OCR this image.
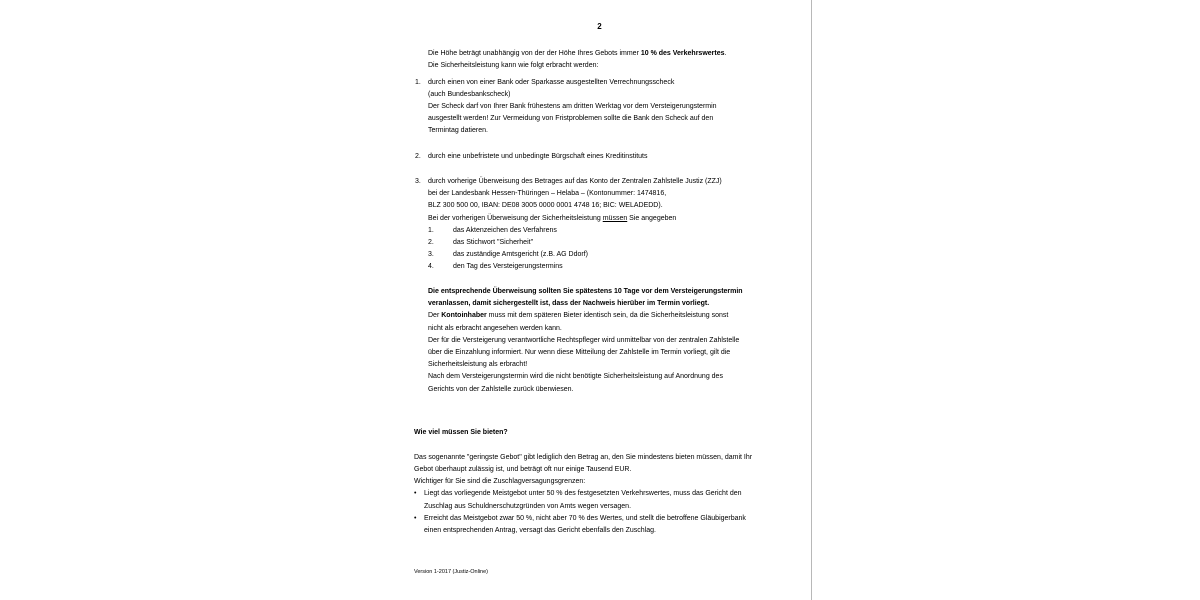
2
Die Höhe beträgt unabhängig von der der Höhe Ihres Gebots immer 10 % des Verkehrswertes.
Die Sicherheitsleistung kann wie folgt erbracht werden:
1. durch einen von einer Bank oder Sparkasse ausgestellten Verrechnungsscheck
(auch Bundesbankscheck)
Der Scheck darf von Ihrer Bank frühestens am dritten Werktag vor dem Versteigerungstermin
ausgestellt werden! Zur Vermeidung von Fristproblemen sollte die Bank den Scheck auf den
Termintag datieren.
2. durch eine unbefristete und unbedingte Bürgschaft eines Kreditinstituts
3. durch vorherige Überweisung des Betrages auf das Konto der Zentralen Zahlstelle Justiz (ZZJ)
bei der Landesbank Hessen-Thüringen – Helaba – (Kontonummer: 1474816,
BLZ 300 500 00, IBAN: DE08 3005 0000 0001 4748 16; BIC: WELADEDD).
Bei der vorherigen Überweisung der Sicherheitsleistung müssen Sie angegeben
1.	das Aktenzeichen des Verfahrens
2.	das Stichwort "Sicherheit"
3.	das zuständige Amtsgericht (z.B. AG Ddorf)
4.	den Tag des Versteigerungstermins
Die entsprechende Überweisung sollten Sie spätestens 10 Tage vor dem Versteigerungstermin
veranlassen, damit sichergestellt ist, dass der Nachweis hierüber im Termin vorliegt.
Der Kontoinhaber muss mit dem späteren Bieter identisch sein, da die Sicherheitsleistung sonst
nicht als erbracht angesehen werden kann.
Der für die Versteigerung verantwortliche Rechtspfleger wird unmittelbar von der zentralen Zahlstelle
über die Einzahlung informiert. Nur wenn diese Mitteilung der Zahlstelle im Termin vorliegt, gilt die
Sicherheitsleistung als erbracht!
Nach dem Versteigerungstermin wird die nicht benötigte Sicherheitsleistung auf Anordnung des
Gerichts von der Zahlstelle zurück überwiesen.
Wie viel müssen Sie bieten?
Das sogenannte "geringste Gebot" gibt lediglich den Betrag an, den Sie mindestens bieten müssen, damit Ihr
Gebot überhaupt zulässig ist, und beträgt oft nur einige Tausend EUR.
Wichtiger für Sie sind die Zuschlagversagungsgrenzen:
• Liegt das vorliegende Meistgebot unter 50 % des festgesetzten Verkehrswertes, muss das Gericht den
Zuschlag aus Schuldnerschutzgründen von Amts wegen versagen.
• Erreicht das Meistgebot zwar 50 %, nicht aber 70 % des Wertes, und stellt die betroffene Gläubigerbank
einen entsprechenden Antrag, versagt das Gericht ebenfalls den Zuschlag.
Version 1-2017 (Justiz-Online)
